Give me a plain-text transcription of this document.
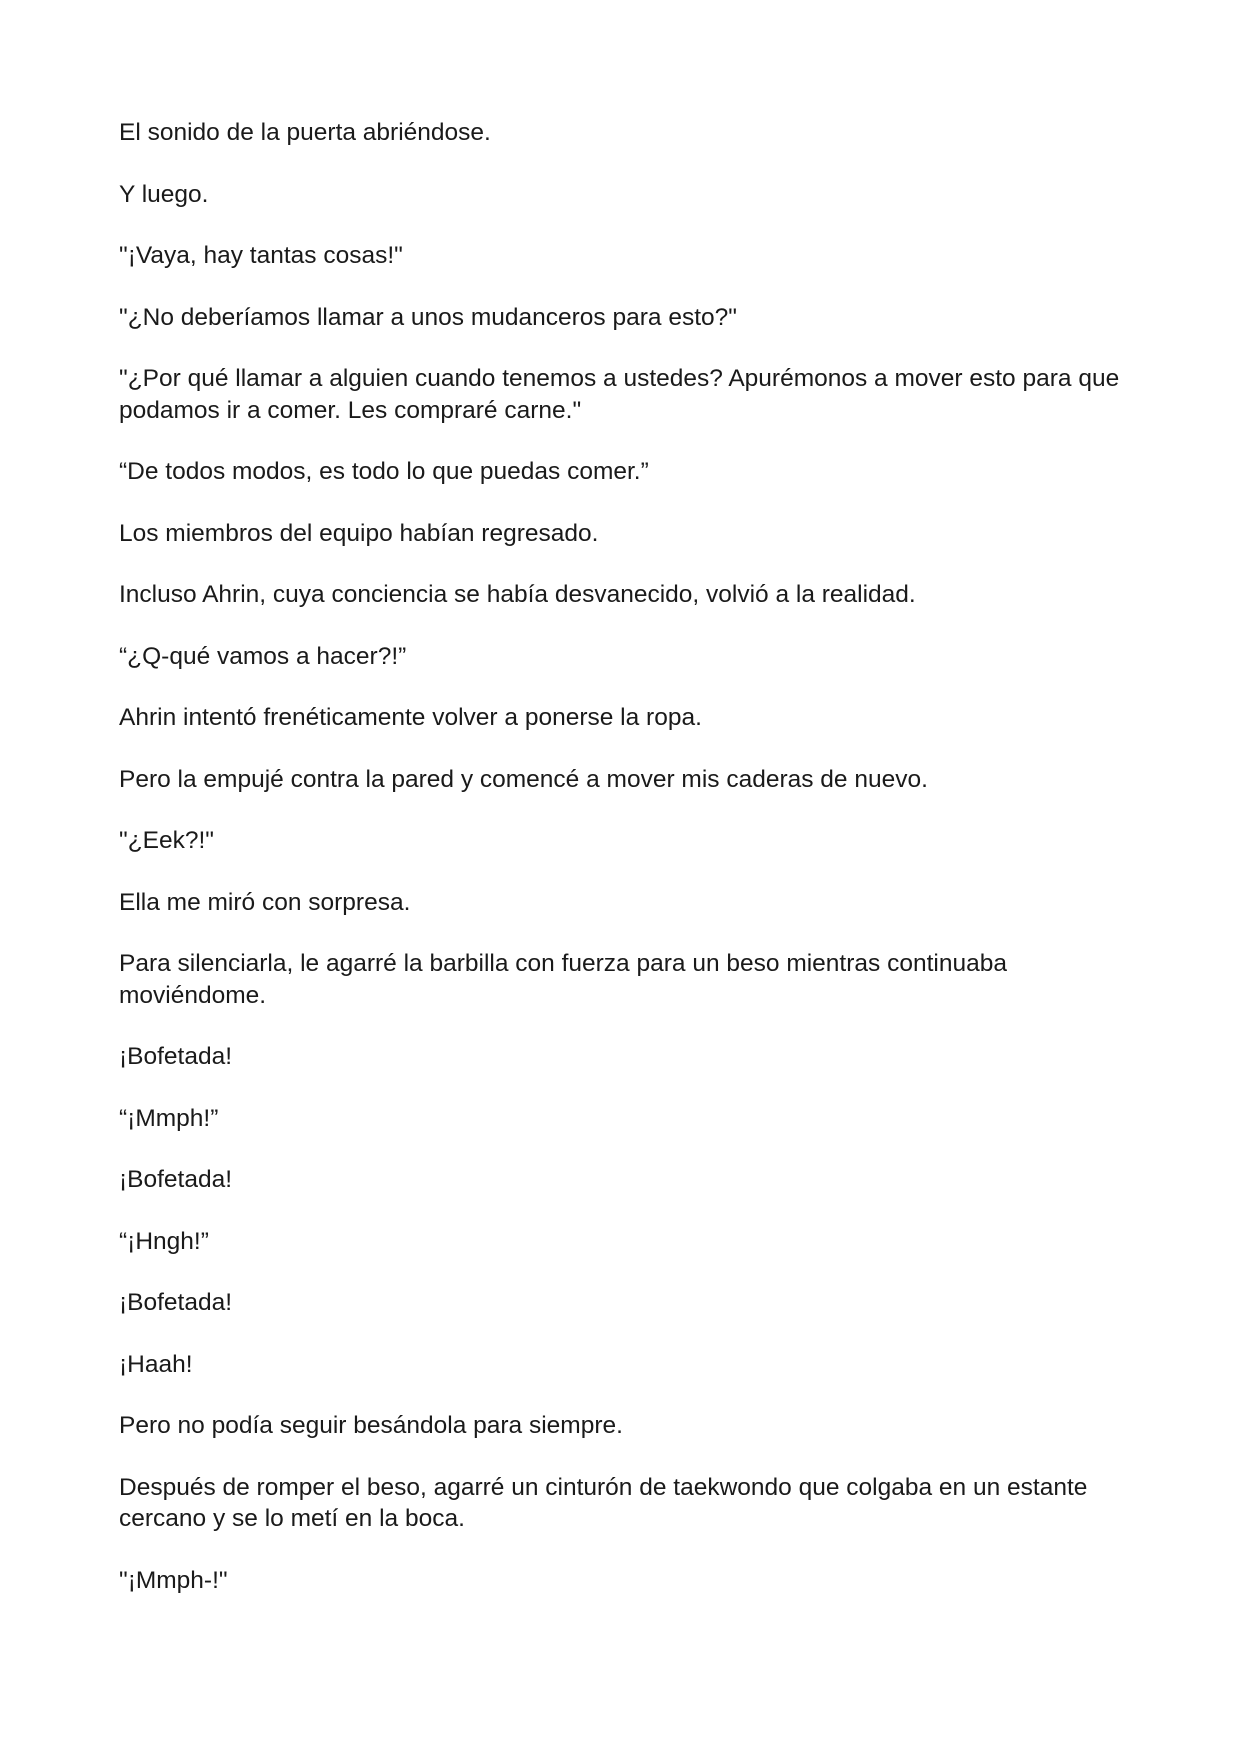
El sonido de la puerta abriéndose.

Y luego.

"¡Vaya, hay tantas cosas!"

"¿No deberíamos llamar a unos mudanceros para esto?"

"¿Por qué llamar a alguien cuando tenemos a ustedes? Apurémonos a mover esto para que podamos ir a comer. Les compraré carne."

“De todos modos, es todo lo que puedas comer.”

Los miembros del equipo habían regresado.

Incluso Ahrin, cuya conciencia se había desvanecido, volvió a la realidad.

“¿Q-qué vamos a hacer?!”

Ahrin intentó frenéticamente volver a ponerse la ropa.

Pero la empujé contra la pared y comencé a mover mis caderas de nuevo.

"¿Eek?!"

Ella me miró con sorpresa.

Para silenciarla, le agarré la barbilla con fuerza para un beso mientras continuaba moviéndome.

¡Bofetada!

“¡Mmph!”

¡Bofetada!

“¡Hngh!”

¡Bofetada!

¡Haah!

Pero no podía seguir besándola para siempre.

Después de romper el beso, agarré un cinturón de taekwondo que colgaba en un estante cercano y se lo metí en la boca.

"¡Mmph-!"
